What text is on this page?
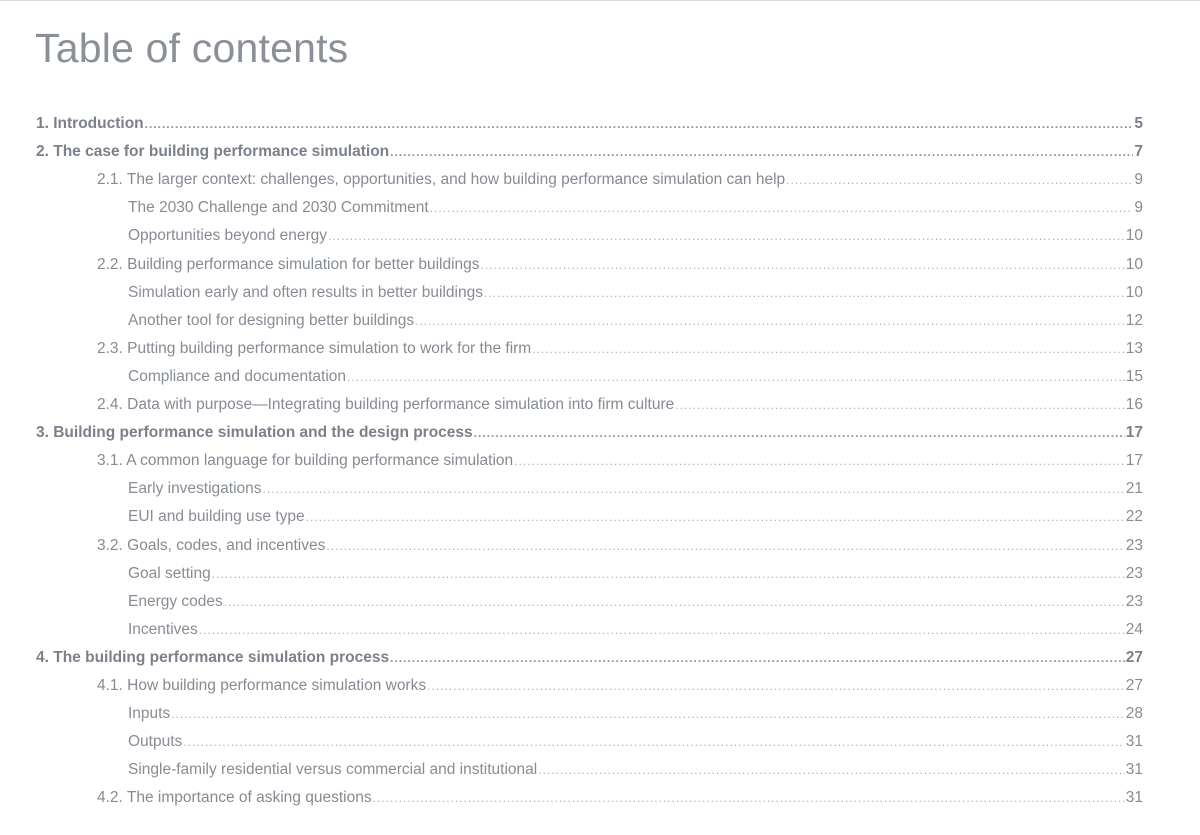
Table of contents
1. Introduction .....	5
2. The case for building performance simulation .....	7
2.1. The larger context: challenges, opportunities, and how building performance simulation can help .....	9
The 2030 Challenge and 2030 Commitment .....	9
Opportunities beyond energy .....	10
2.2. Building performance simulation for better buildings .....	10
Simulation early and often results in better buildings .....	10
Another tool for designing better buildings .....	12
2.3. Putting building performance simulation to work for the firm .....	13
Compliance and documentation .....	15
2.4. Data with purpose—Integrating building performance simulation into firm culture .....	16
3. Building performance simulation and the design process .....	17
3.1. A common language for building performance simulation .....	17
Early investigations .....	21
EUI and building use type .....	22
3.2. Goals, codes, and incentives .....	23
Goal setting .....	23
Energy codes .....	23
Incentives .....	24
4. The building performance simulation process .....	27
4.1. How building performance simulation works .....	27
Inputs .....	28
Outputs .....	31
Single-family residential versus commercial and institutional .....	31
4.2. The importance of asking questions .....	31
